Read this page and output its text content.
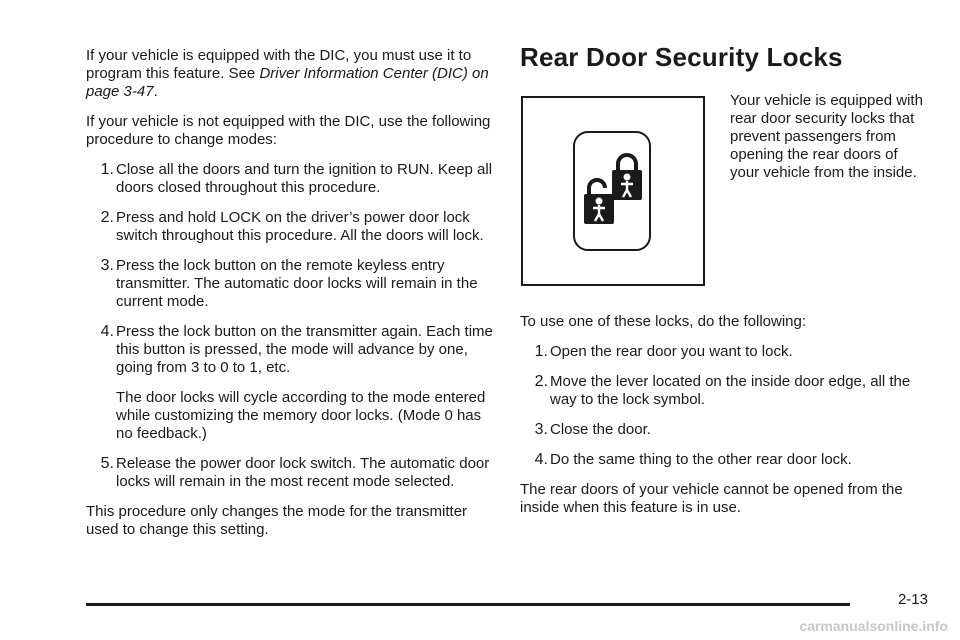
If your vehicle is equipped with the DIC, you must use it to program this feature. See Driver Information Center (DIC) on page 3-47.

If your vehicle is not equipped with the DIC, use the following procedure to change modes:

1. Close all the doors and turn the ignition to RUN. Keep all doors closed throughout this procedure.

2. Press and hold LOCK on the driver’s power door lock switch throughout this procedure. All the doors will lock.

3. Press the lock button on the remote keyless entry transmitter. The automatic door locks will remain in the current mode.

4. Press the lock button on the transmitter again. Each time this button is pressed, the mode will advance by one, going from 3 to 0 to 1, etc.

The door locks will cycle according to the mode entered while customizing the memory door locks. (Mode 0 has no feedback.)

5. Release the power door lock switch. The automatic door locks will remain in the most recent mode selected.

This procedure only changes the mode for the transmitter used to change this setting.

Rear Door Security Locks

Your vehicle is equipped with rear door security locks that prevent passengers from opening the rear doors of your vehicle from the inside.

To use one of these locks, do the following:

1. Open the rear door you want to lock.

2. Move the lever located on the inside door edge, all the way to the lock symbol.

3. Close the door.

4. Do the same thing to the other rear door lock.

The rear doors of your vehicle cannot be opened from the inside when this feature is in use.

2-13
carmanualsonline.info
